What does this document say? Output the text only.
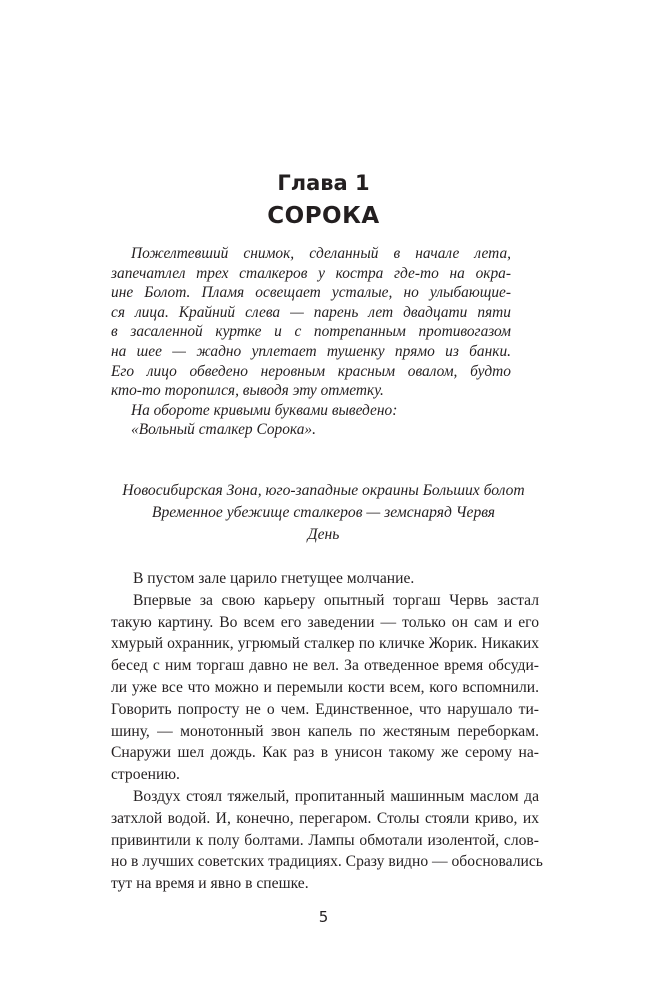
Глава 1
СОРОКА

Пожелтевший снимок, сделанный в начале лета,
запечатлел трех сталкеров у костра где-то на окра-
ине Болот. Пламя освещает усталые, но улыбающие-
ся лица. Крайний слева — парень лет двадцати пяти
в засаленной куртке и с потрепанным противогазом
на шее — жадно уплетает тушенку прямо из банки.
Его лицо обведено неровным красным овалом, будто
кто-то торопился, выводя эту отметку.

На обороте кривыми буквами выведено:
«Вольный сталкер Сорока».

Новосибирская Зона, юго-западные окраины Больших болот
Временное убежище сталкеров — земснаряд Червя
День
В пустом зале царило гнетущее молчание.
Впервые за свою карьеру опытный торгаш Червь застал
такую картину. Во всем его заведении — только он сам и его
хмурый охранник, угрюмый сталкер по кличке Жорик. Никаких
бесед с ним торгаш давно не вел. За отведенное время обсуди-
ли уже все что можно и перемыли кости всем, кого вспомнили.
Говорить попросту не о чем. Единственное, что нарушало ти-
шину, — монотонный звон капель по жестяным переборкам.
Снаружи шел дождь. Как раз в унисон такому же серому на-
строению.
Воздух стоял тяжелый, пропитанный машинным маслом да
затхлой водой. И, конечно, перегаром. Столы стояли криво, их
привинтили к полу болтами. Лампы обмотали изолентой, слов-
но в лучших советских традициях. Сразу видно — обосновались
тут на время и явно в спешке.
5
